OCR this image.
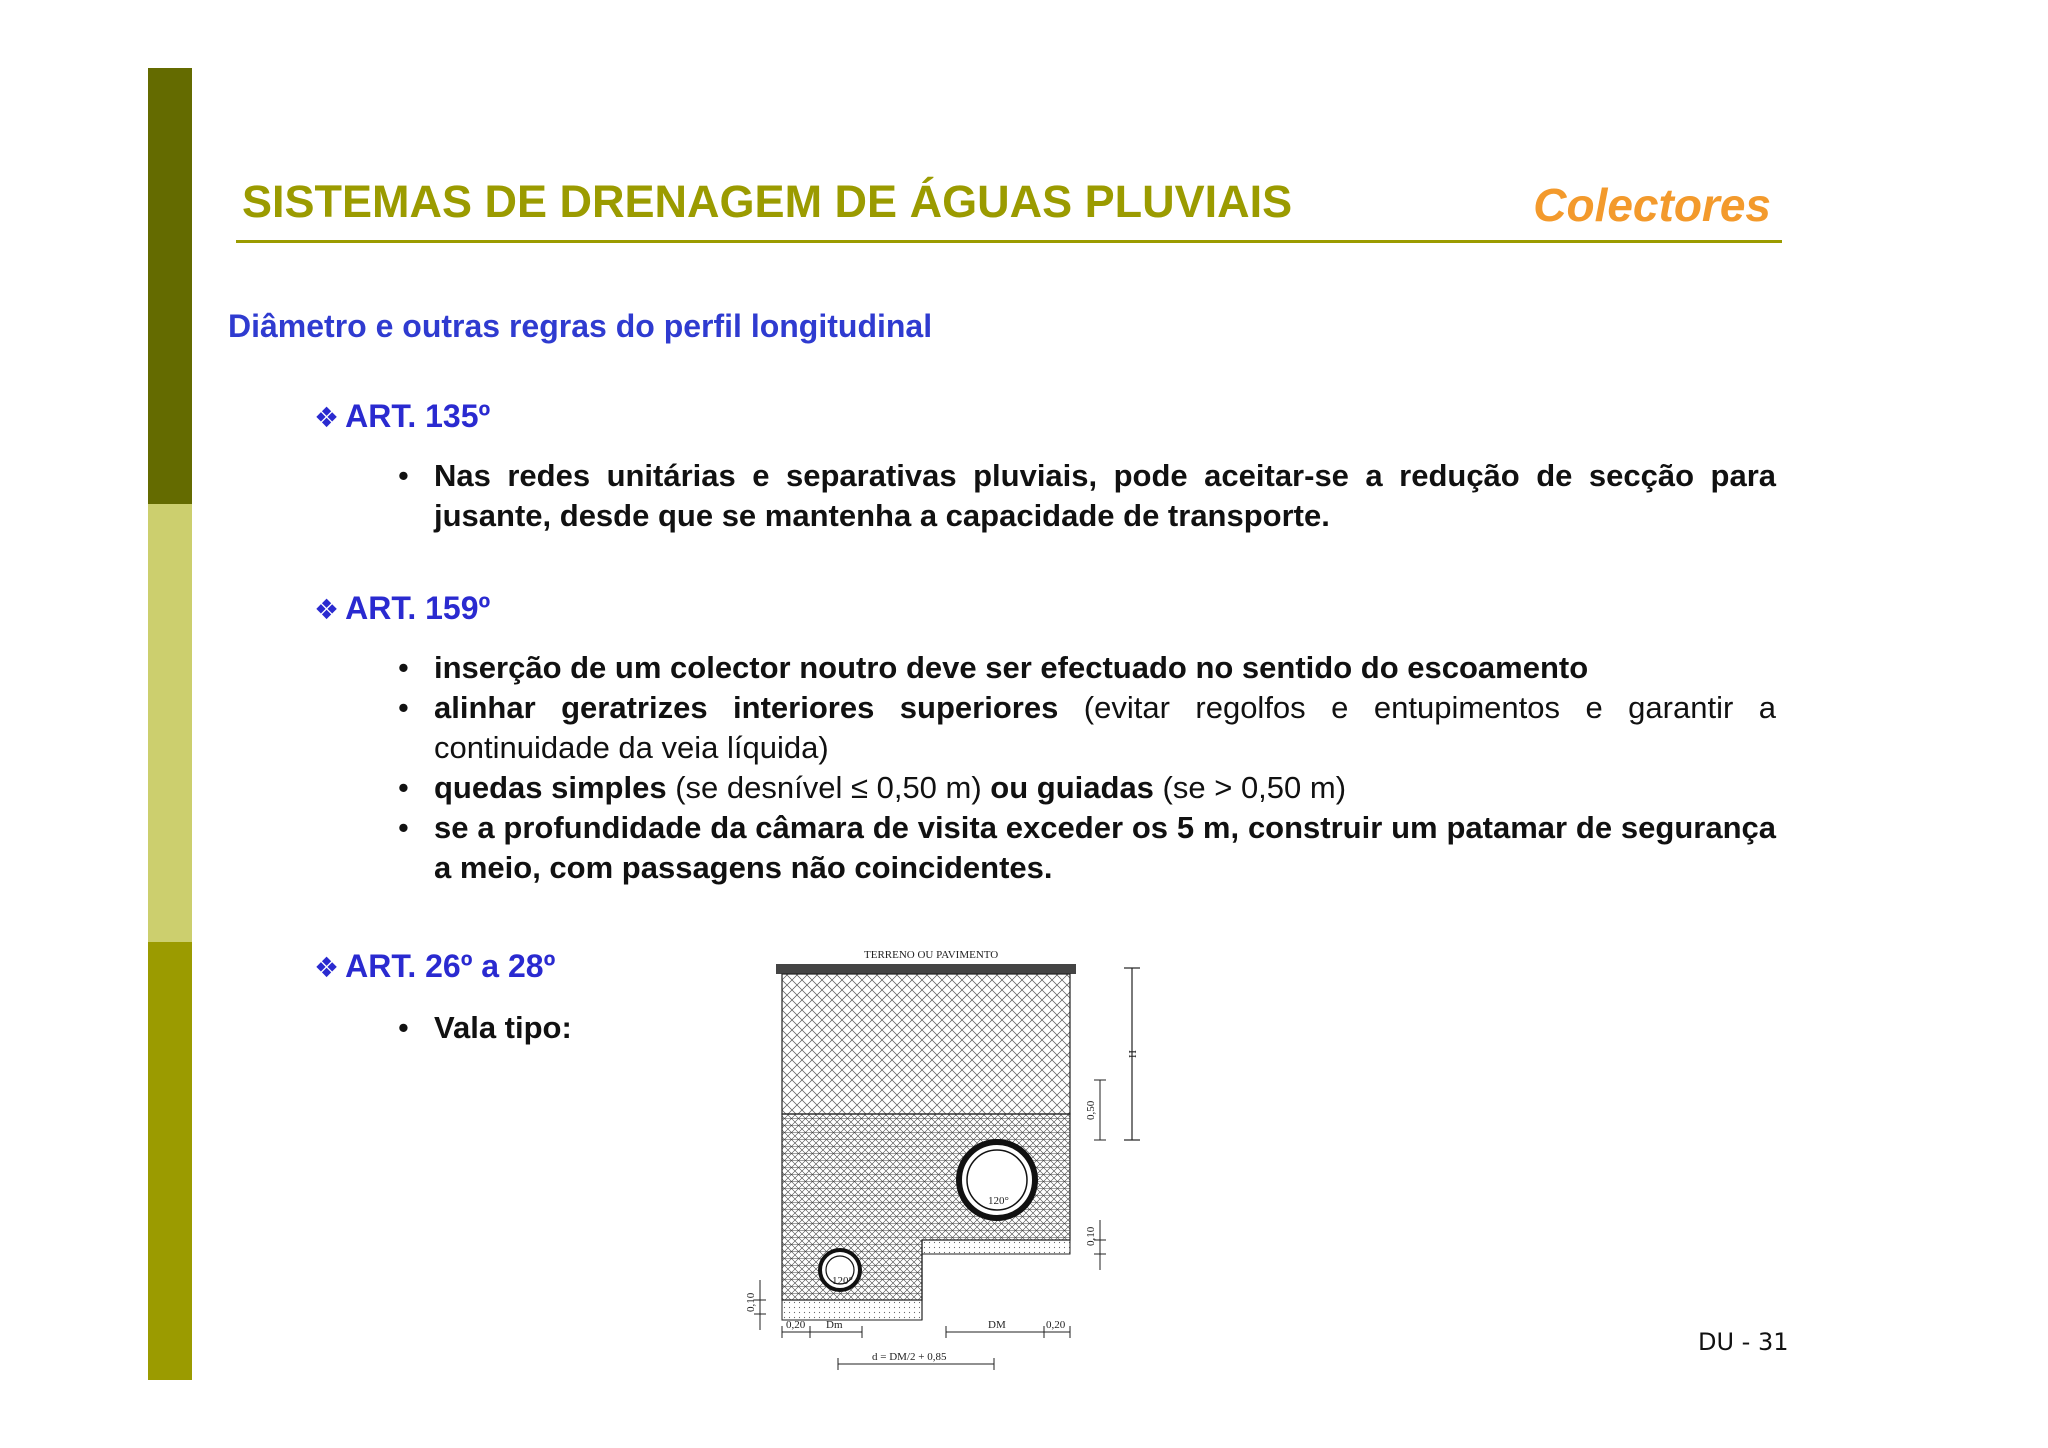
SISTEMAS DE DRENAGEM DE ÁGUAS PLUVIAIS	Colectores
Diâmetro e outras regras do perfil longitudinal
❖ ART. 135º

• Nas redes unitárias e separativas pluviais, pode aceitar-se a redução de secção para jusante, desde que se mantenha a capacidade de transporte.

❖ ART. 159º

• inserção de um colector noutro deve ser efectuado no sentido do escoamento

• alinhar geratrizes interiores superiores (evitar regolfos e entupimentos e garantir a continuidade da veia líquida)

• quedas simples (se desnível ≤ 0,50 m) ou guiadas (se > 0,50 m)

• se a profundidade da câmara de visita exceder os 5 m, construir um patamar de segurança a meio, com passagens não coincidentes.

❖ ART. 26º a 28º

• Vala tipo:

TERRENO OU PAVIMENTO
120°
120°
H
0,50
0,10
0,10
0,20 Dm	DM	0,20
d = DM/2 + 0,85
DU - 31
